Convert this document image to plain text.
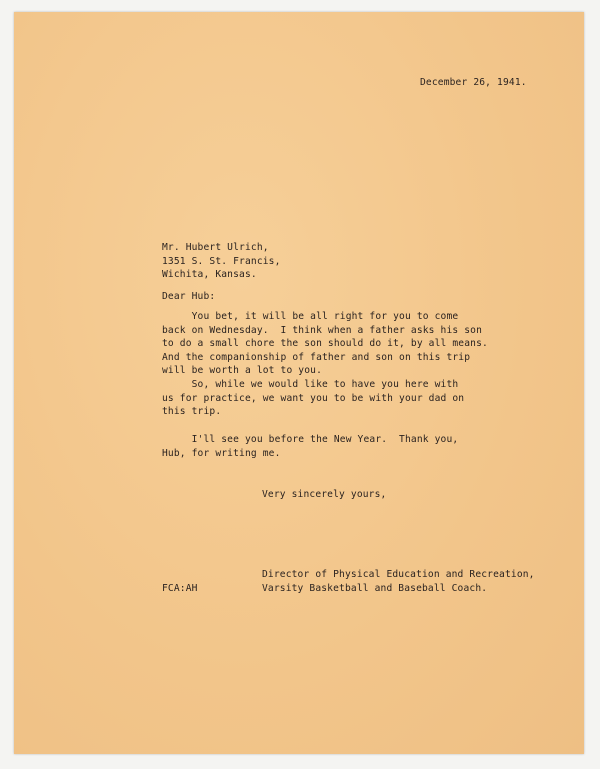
December 26, 1941.
Mr. Hubert Ulrich,
1351 S. St. Francis,
Wichita, Kansas.
Dear Hub:
You bet, it will be all right for you to come
back on Wednesday.  I think when a father asks his son
to do a small chore the son should do it, by all means.
And the companionship of father and son on this trip
will be worth a lot to you.
So, while we would like to have you here with
us for practice, we want you to be with your dad on
this trip.
I'll see you before the New Year.  Thank you,
Hub, for writing me.
Very sincerely yours,
Director of Physical Education and Recreation,
Varsity Basketball and Baseball Coach.
FCA:AH
